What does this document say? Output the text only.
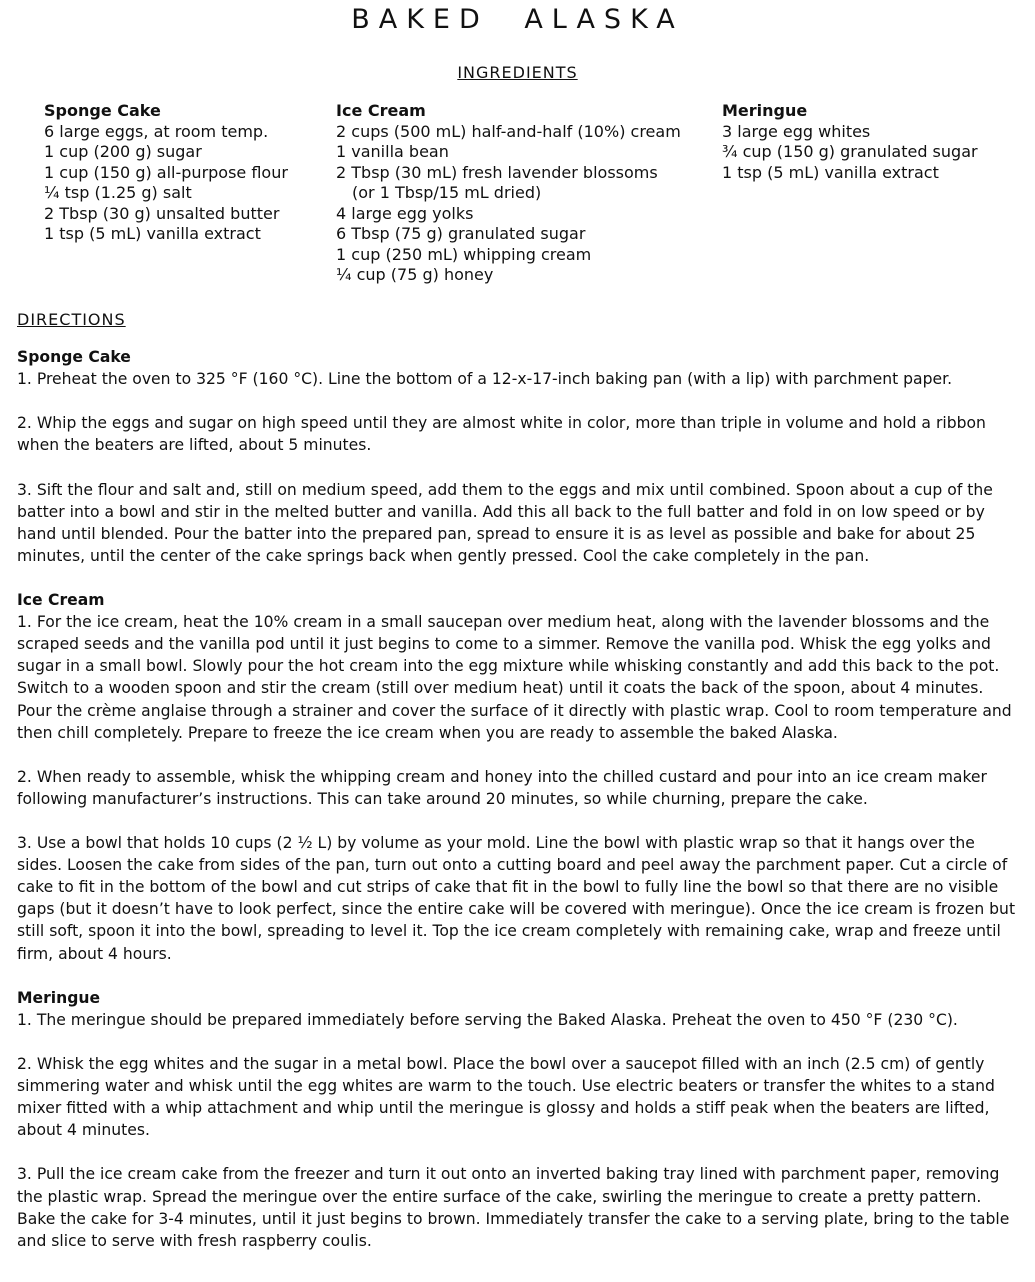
BAKED ALASKA
INGREDIENTS
Sponge Cake
6 large eggs, at room temp.
1 cup (200 g) sugar
1 cup (150 g) all-purpose flour
¼ tsp (1.25 g) salt
2 Tbsp (30 g) unsalted butter
1 tsp (5 mL) vanilla extract
Ice Cream
2 cups (500 mL) half-and-half (10%) cream
1 vanilla bean
2 Tbsp (30 mL) fresh lavender blossoms
(or 1 Tbsp/15 mL dried)
4 large egg yolks
6 Tbsp (75 g) granulated sugar
1 cup (250 mL) whipping cream
¼ cup (75 g) honey
Meringue
3 large egg whites
¾ cup (150 g) granulated sugar
1 tsp (5 mL) vanilla extract
DIRECTIONS
Sponge Cake

1. Preheat the oven to 325 °F (160 °C). Line the bottom of a 12-x-17-inch baking pan (with a lip) with parchment paper.

2. Whip the eggs and sugar on high speed until they are almost white in color, more than triple in volume and hold a ribbon when the beaters are lifted, about 5 minutes.

3. Sift the flour and salt and, still on medium speed, add them to the eggs and mix until combined. Spoon about a cup of the batter into a bowl and stir in the melted butter and vanilla. Add this all back to the full batter and fold in on low speed or by hand until blended. Pour the batter into the prepared pan, spread to ensure it is as level as possible and bake for about 25 minutes, until the center of the cake springs back when gently pressed. Cool the cake completely in the pan.

Ice Cream

1. For the ice cream, heat the 10% cream in a small saucepan over medium heat, along with the lavender blossoms and the scraped seeds and the vanilla pod until it just begins to come to a simmer. Remove the vanilla pod. Whisk the egg yolks and sugar in a small bowl. Slowly pour the hot cream into the egg mixture while whisking constantly and add this back to the pot. Switch to a wooden spoon and stir the cream (still over medium heat) until it coats the back of the spoon, about 4 minutes. Pour the crème anglaise through a strainer and cover the surface of it directly with plastic wrap. Cool to room temperature and then chill completely. Prepare to freeze the ice cream when you are ready to assemble the baked Alaska.

2. When ready to assemble, whisk the whipping cream and honey into the chilled custard and pour into an ice cream maker following manufacturer’s instructions. This can take around 20 minutes, so while churning, prepare the cake.

3. Use a bowl that holds 10 cups (2 ½ L) by volume as your mold. Line the bowl with plastic wrap so that it hangs over the sides. Loosen the cake from sides of the pan, turn out onto a cutting board and peel away the parchment paper. Cut a circle of cake to fit in the bottom of the bowl and cut strips of cake that fit in the bowl to fully line the bowl so that there are no visible gaps (but it doesn’t have to look perfect, since the entire cake will be covered with meringue). Once the ice cream is frozen but still soft, spoon it into the bowl, spreading to level it. Top the ice cream completely with remaining cake, wrap and freeze until firm, about 4 hours.

Meringue

1. The meringue should be prepared immediately before serving the Baked Alaska. Preheat the oven to 450 °F (230 °C).

2. Whisk the egg whites and the sugar in a metal bowl. Place the bowl over a saucepot filled with an inch (2.5 cm) of gently simmering water and whisk until the egg whites are warm to the touch. Use electric beaters or transfer the whites to a stand mixer fitted with a whip attachment and whip until the meringue is glossy and holds a stiff peak when the beaters are lifted, about 4 minutes.

3. Pull the ice cream cake from the freezer and turn it out onto an inverted baking tray lined with parchment paper, removing the plastic wrap. Spread the meringue over the entire surface of the cake, swirling the meringue to create a pretty pattern. Bake the cake for 3-4 minutes, until it just begins to brown. Immediately transfer the cake to a serving plate, bring to the table and slice to serve with fresh raspberry coulis.
